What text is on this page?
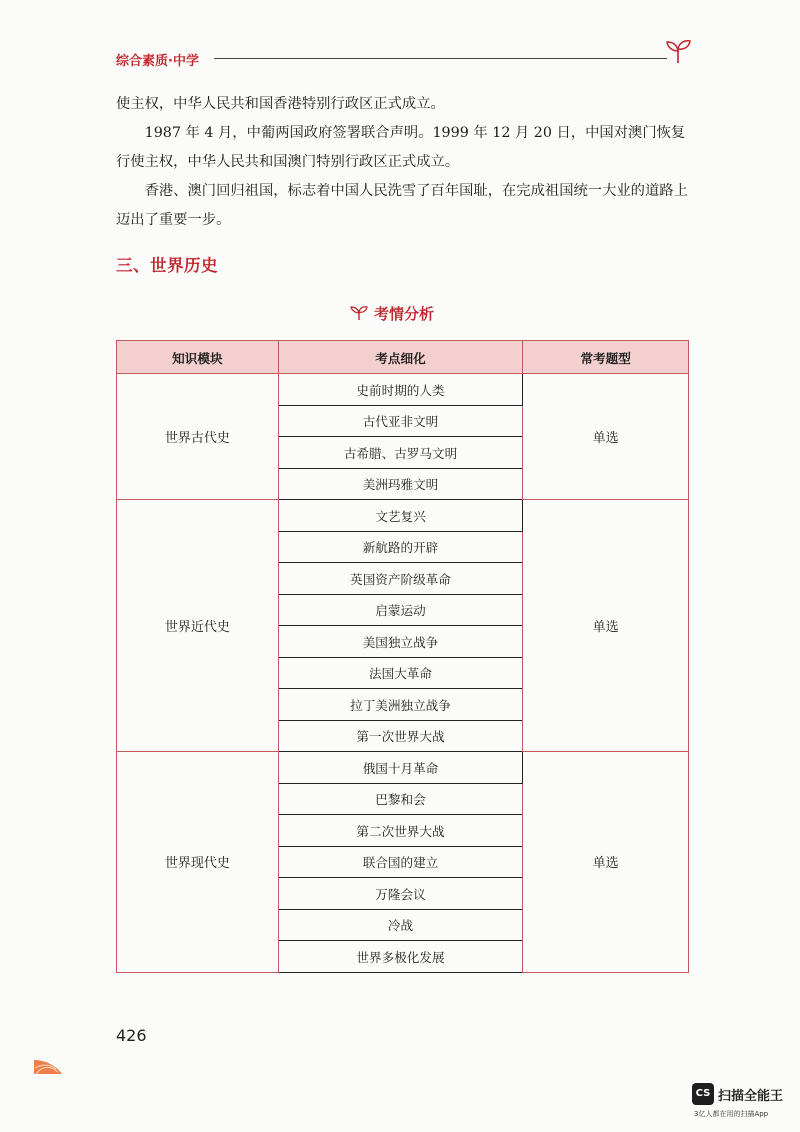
综合素质·中学

使主权，中华人民共和国香港特别行政区正式成立。

1987 年 4 月，中葡两国政府签署联合声明。1999 年 12 月 20 日，中国对澳门恢复行使主权，中华人民共和国澳门特别行政区正式成立。

香港、澳门回归祖国，标志着中国人民洗雪了百年国耻，在完成祖国统一大业的道路上迈出了重要一步。

三、世界历史
考情分析
知识模块	考点细化	常考题型
世界古代史	史前时期的人类	单选
	古代亚非文明	
	古希腊、古罗马文明	
	美洲玛雅文明	
世界近代史	文艺复兴	单选
	新航路的开辟	
	英国资产阶级革命	
	启蒙运动	
	美国独立战争	
	法国大革命	
	拉丁美洲独立战争	
	第一次世界大战	
世界现代史	俄国十月革命	单选
	巴黎和会	
	第二次世界大战	
	联合国的建立	
	万隆会议	
	冷战	
	世界多极化发展	
426
CS 扫描全能王
3亿人都在用的扫描App
